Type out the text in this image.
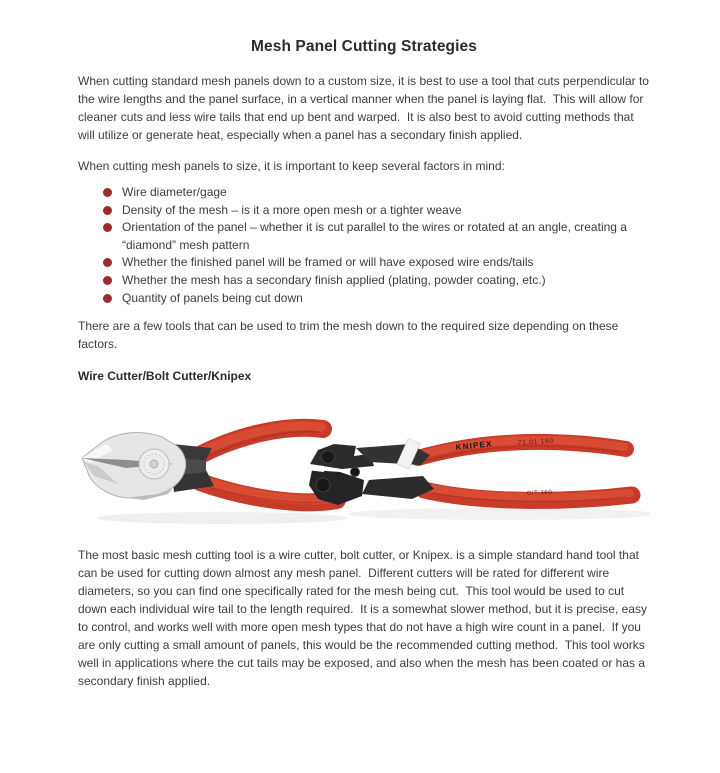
Mesh Panel Cutting Strategies

When cutting standard mesh panels down to a custom size, it is best to use a tool that cuts perpendicular to the wire lengths and the panel surface, in a vertical manner when the panel is laying flat.  This will allow for cleaner cuts and less wire tails that end up bent and warped.  It is also best to avoid cutting methods that will utilize or generate heat, especially when a panel has a secondary finish applied.

When cutting mesh panels to size, it is important to keep several factors in mind:

Wire diameter/gage
Density of the mesh – is it a more open mesh or a tighter weave
Orientation of the panel – whether it is cut parallel to the wires or rotated at an angle, creating a “diamond” mesh pattern
Whether the finished panel will be framed or will have exposed wire ends/tails
Whether the mesh has a secondary finish applied (plating, powder coating, etc.)
Quantity of panels being cut down

There are a few tools that can be used to trim the mesh down to the required size depending on these factors.

Wire Cutter/Bolt Cutter/Knipex
KNIPEX	71 01 160
C/T 160

The most basic mesh cutting tool is a wire cutter, bolt cutter, or Knipex. is a simple standard hand tool that can be used for cutting down almost any mesh panel.  Different cutters will be rated for different wire diameters, so you can find one specifically rated for the mesh being cut.  This tool would be used to cut down each individual wire tail to the length required.  It is a somewhat slower method, but it is precise, easy to control, and works well with more open mesh types that do not have a high wire count in a panel.  If you are only cutting a small amount of panels, this would be the recommended cutting method.  This tool works well in applications where the cut tails may be exposed, and also when the mesh has been coated or has a secondary finish applied.
